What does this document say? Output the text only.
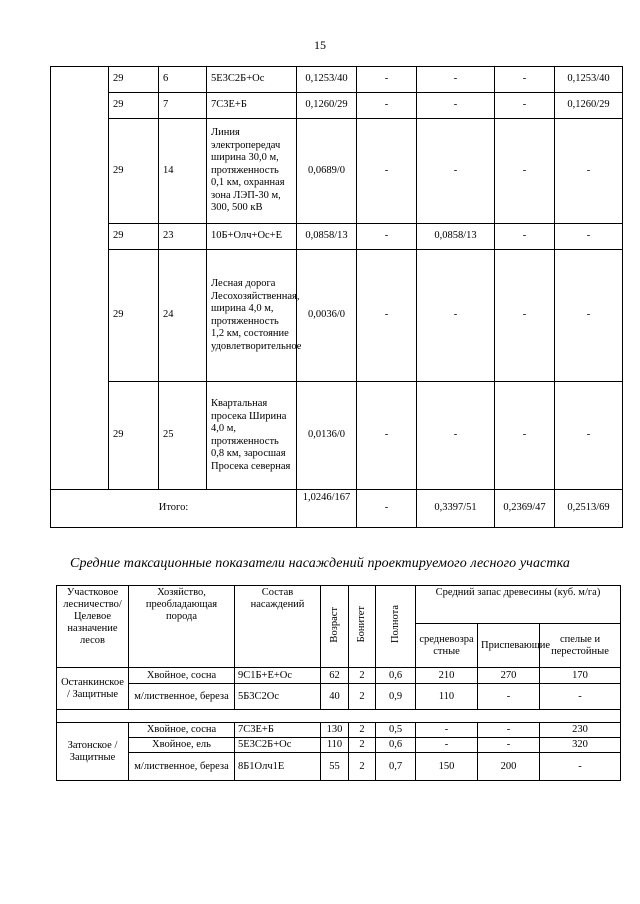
15
	29	6	5Е3С2Б+Ос	0,1253/40	-	-	-	0,1253/40
	29	7	7С3Е+Б	0,1260/29	-	-	-	0,1260/29
	29	14	Линия электропередач ширина 30,0 м, протяженность 0,1 км, охранная зона ЛЭП-30 м, 300, 500 кВ	0,0689/0	-	-	-	-
	29	23	10Б+Олч+Ос+Е	0,0858/13	-	0,0858/13	-	-
	29	24	Лесная дорога Лесохозяйственная, ширина 4,0 м, протяженность 1,2 км, состояние удовлетворительное	0,0036/0	-	-	-	-
	29	25	Квартальная просека Ширина 4,0 м, протяженность 0,8 км, заросшая Просека северная	0,0136/0	-	-	-	-
Итого:				1,0246/167	-	0,3397/51	0,2369/47	0,2513/69
Средние таксационные показатели насаждений проектируемого лесного участка
Участковое лесничество/ Целевое назначение лесов	Хозяйство, преобладающая порода	Состав насаждений	Возраст	Бонитет	Полнота	Средний запас древесины (куб. м/га)		
						средневозрастные	Приспевающие	спелые и перестойные
Останкинское / Защитные	Хвойное, сосна	9С1Б+Е+Ос	62	2	0,6	210	270	170
	м/лиственное, береза	5Б3С2Ос	40	2	0,9	110	-	-

Затонское / Защитные	Хвойное, сосна	7С3Е+Б	130	2	0,5	-	-	230
	Хвойное, ель	5Е3С2Б+Ос	110	2	0,6	-	-	320
	м/лиственное, береза	8Б1Олч1Е	55	2	0,7	150	200	-
